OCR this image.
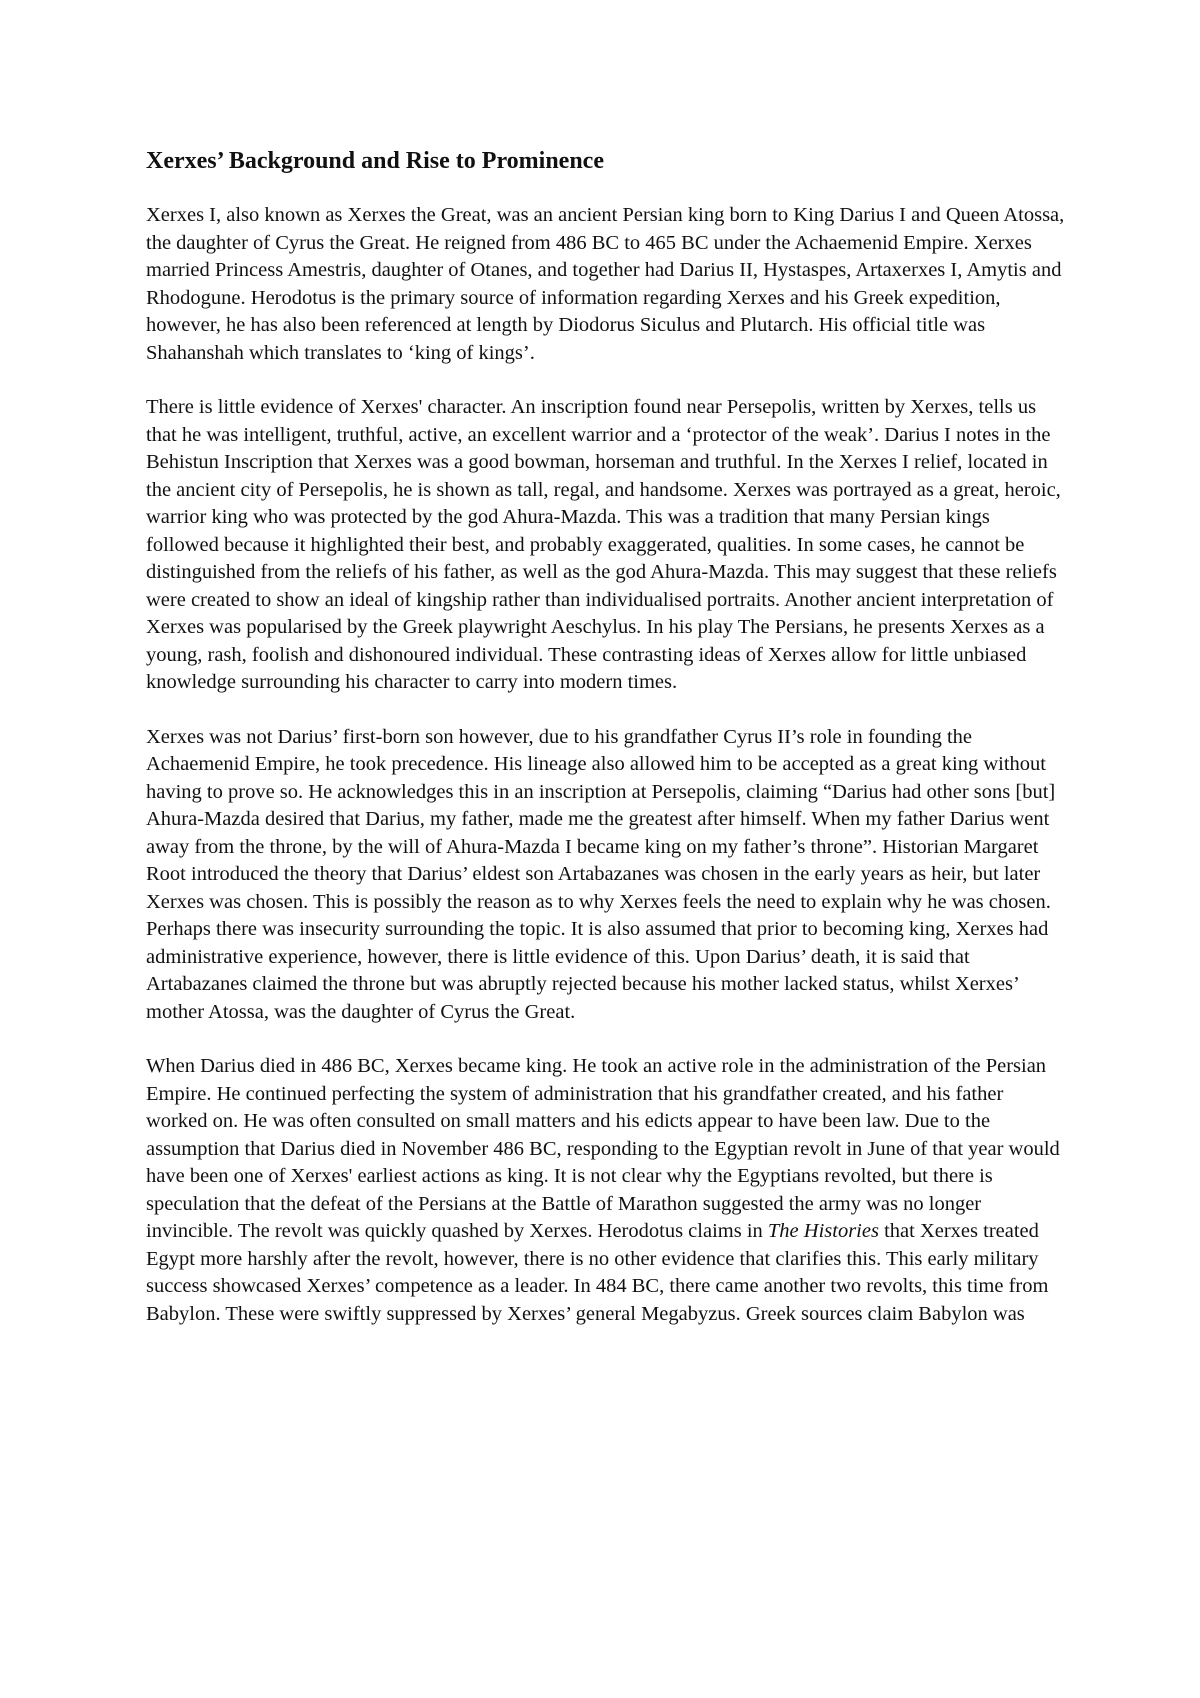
Xerxes’ Background and Rise to Prominence

Xerxes I, also known as Xerxes the Great, was an ancient Persian king born to King Darius I and Queen Atossa, the daughter of Cyrus the Great. He reigned from 486 BC to 465 BC under the Achaemenid Empire. Xerxes married Princess Amestris, daughter of Otanes, and together had Darius II, Hystaspes, Artaxerxes I, Amytis and Rhodogune. Herodotus is the primary source of information regarding Xerxes and his Greek expedition, however, he has also been referenced at length by Diodorus Siculus and Plutarch. His official title was Shahanshah which translates to ‘king of kings’.

There is little evidence of Xerxes' character. An inscription found near Persepolis, written by Xerxes, tells us that he was intelligent, truthful, active, an excellent warrior and a ‘protector of the weak’. Darius I notes in the Behistun Inscription that Xerxes was a good bowman, horseman and truthful. In the Xerxes I relief, located in the ancient city of Persepolis, he is shown as tall, regal, and handsome. Xerxes was portrayed as a great, heroic, warrior king who was protected by the god Ahura-Mazda. This was a tradition that many Persian kings followed because it highlighted their best, and probably exaggerated, qualities. In some cases, he cannot be distinguished from the reliefs of his father, as well as the god Ahura-Mazda. This may suggest that these reliefs were created to show an ideal of kingship rather than individualised portraits. Another ancient interpretation of Xerxes was popularised by the Greek playwright Aeschylus. In his play The Persians, he presents Xerxes as a young, rash, foolish and dishonoured individual. These contrasting ideas of Xerxes allow for little unbiased knowledge surrounding his character to carry into modern times.

Xerxes was not Darius’ first-born son however, due to his grandfather Cyrus II’s role in founding the Achaemenid Empire, he took precedence. His lineage also allowed him to be accepted as a great king without having to prove so. He acknowledges this in an inscription at Persepolis, claiming “Darius had other sons [but] Ahura-Mazda desired that Darius, my father, made me the greatest after himself. When my father Darius went away from the throne, by the will of Ahura-Mazda I became king on my father’s throne”. Historian Margaret Root introduced the theory that Darius’ eldest son Artabazanes was chosen in the early years as heir, but later Xerxes was chosen. This is possibly the reason as to why Xerxes feels the need to explain why he was chosen. Perhaps there was insecurity surrounding the topic. It is also assumed that prior to becoming king, Xerxes had administrative experience, however, there is little evidence of this. Upon Darius’ death, it is said that Artabazanes claimed the throne but was abruptly rejected because his mother lacked status, whilst Xerxes’ mother Atossa, was the daughter of Cyrus the Great.

When Darius died in 486 BC, Xerxes became king. He took an active role in the administration of the Persian Empire. He continued perfecting the system of administration that his grandfather created, and his father worked on. He was often consulted on small matters and his edicts appear to have been law. Due to the assumption that Darius died in November 486 BC, responding to the Egyptian revolt in June of that year would have been one of Xerxes' earliest actions as king. It is not clear why the Egyptians revolted, but there is speculation that the defeat of the Persians at the Battle of Marathon suggested the army was no longer invincible. The revolt was quickly quashed by Xerxes. Herodotus claims in The Histories that Xerxes treated Egypt more harshly after the revolt, however, there is no other evidence that clarifies this. This early military success showcased Xerxes’ competence as a leader. In 484 BC, there came another two revolts, this time from Babylon. These were swiftly suppressed by Xerxes’ general Megabyzus. Greek sources claim Babylon was
